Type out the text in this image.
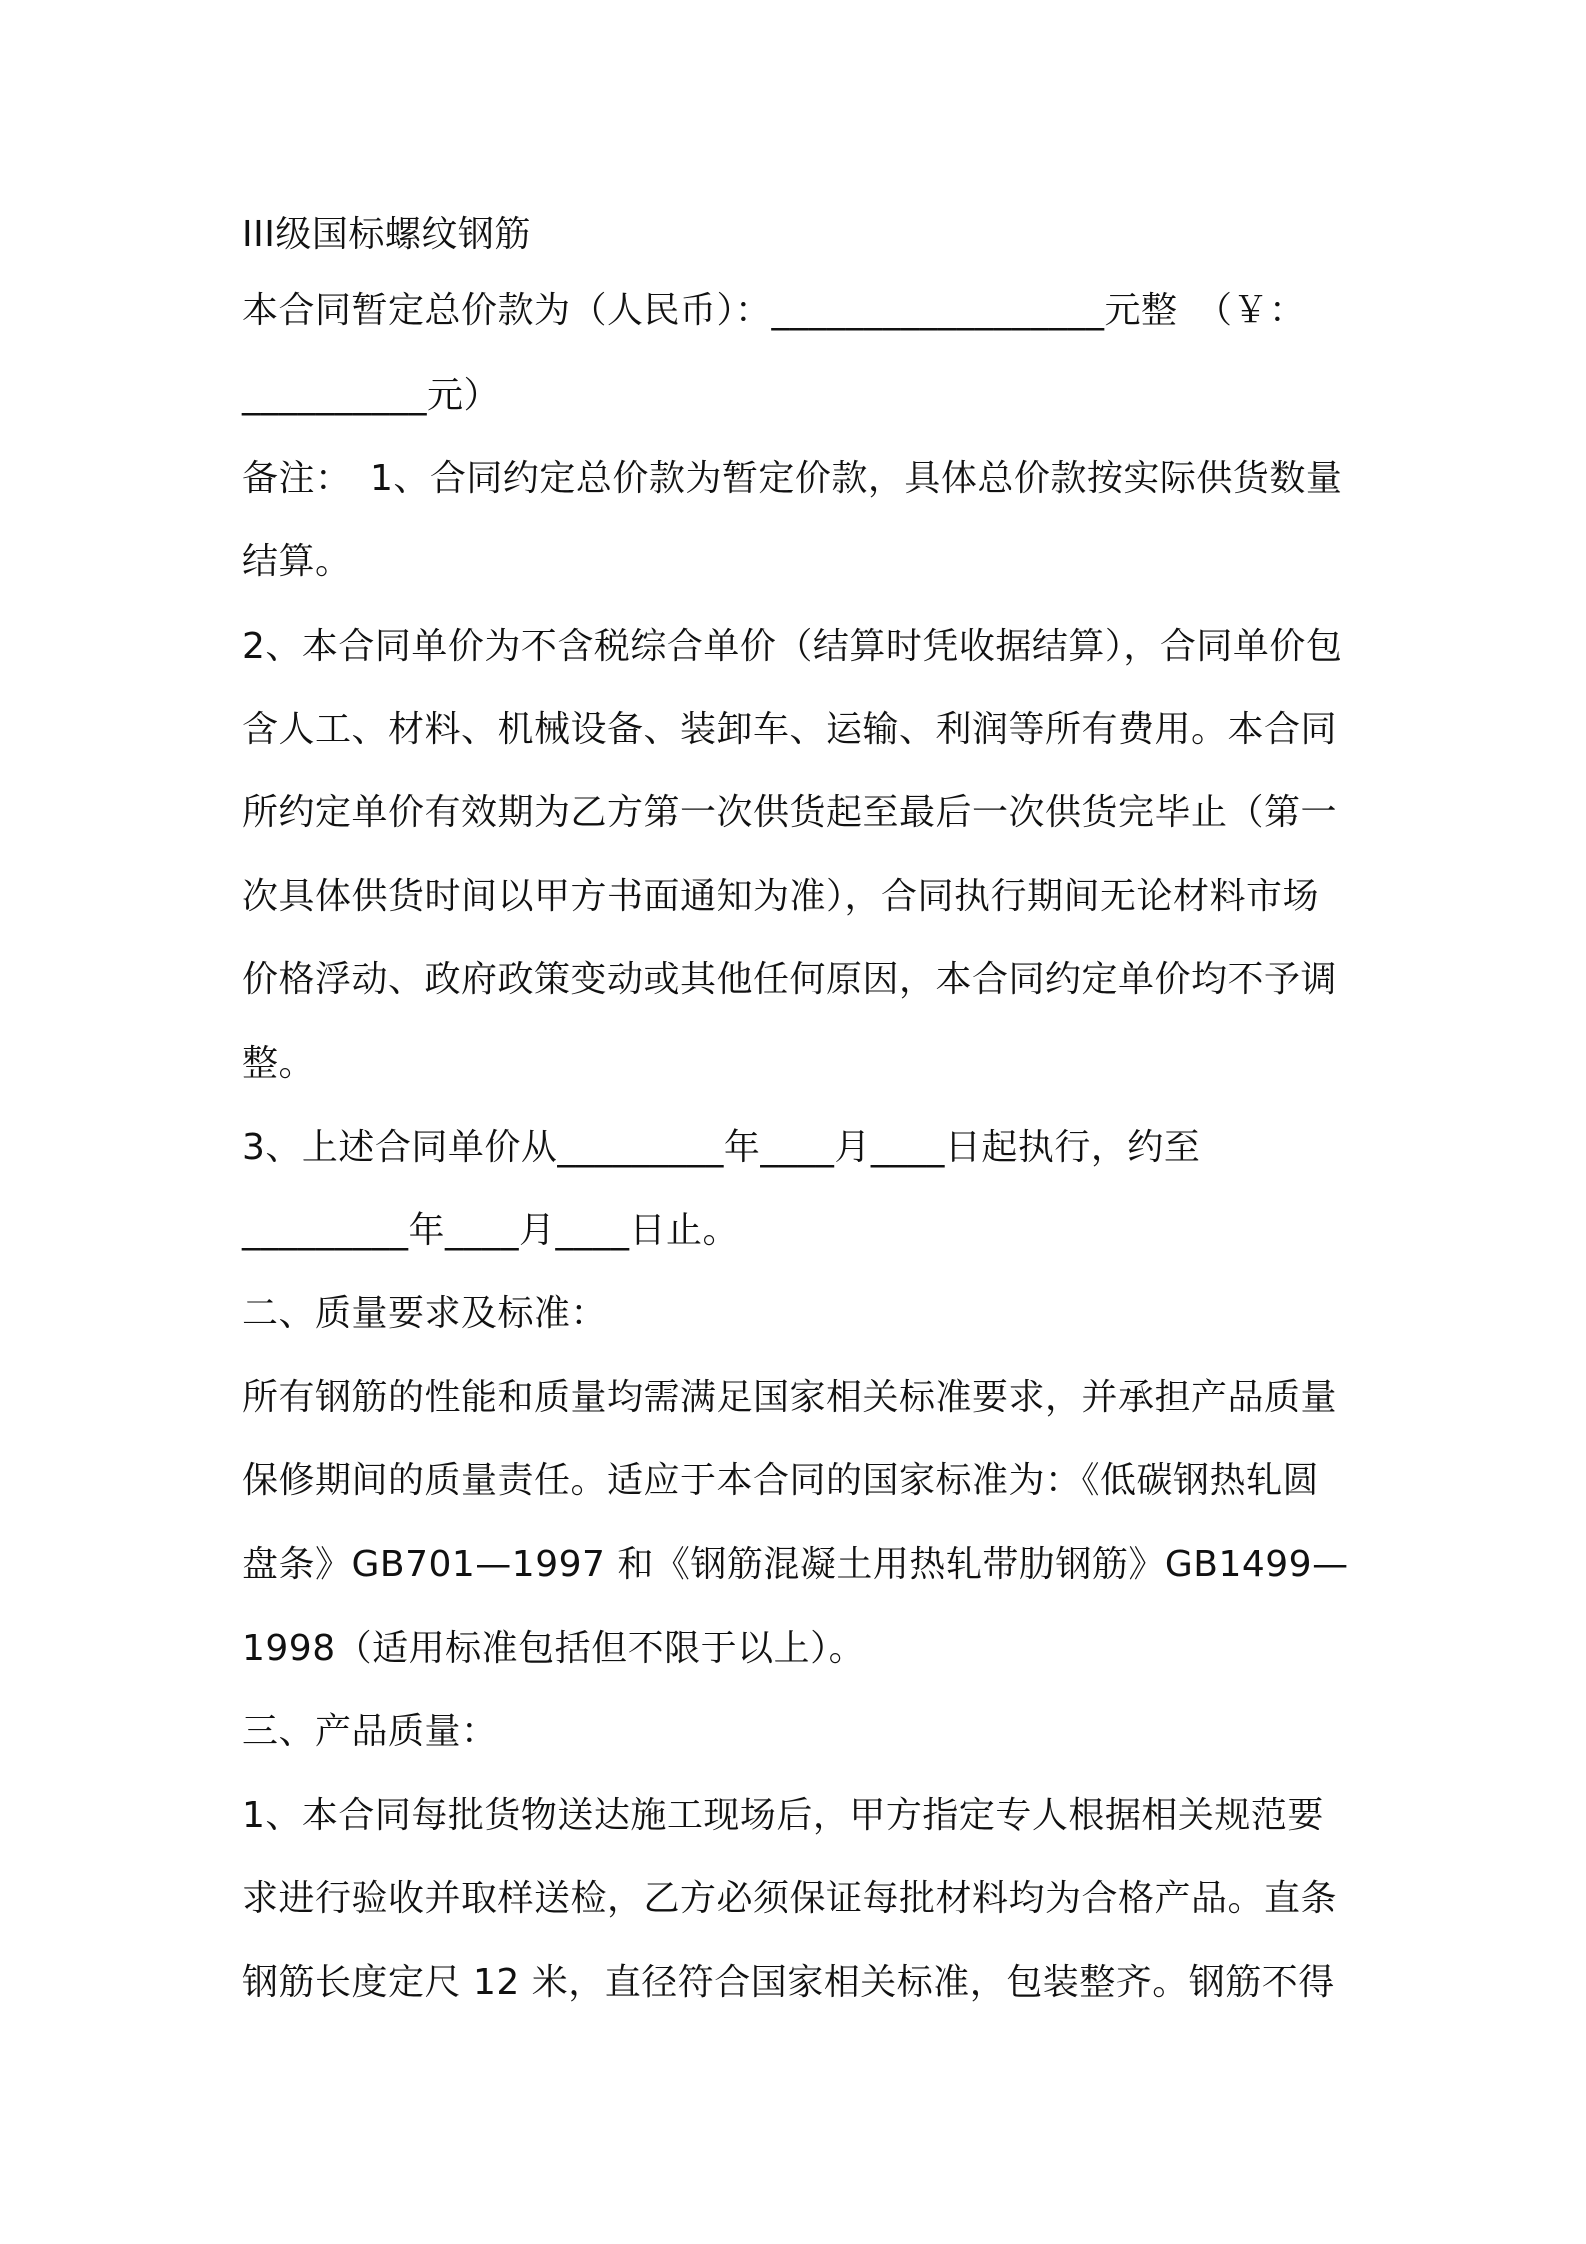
III级国标螺纹钢筋
本合同暂定总价款为（人民币）：__________________元整　（￥：
__________元）
备注：　1、合同约定总价款为暂定价款，具体总价款按实际供货数量
结算。
2、本合同单价为不含税综合单价（结算时凭收据结算），合同单价包
含人工、材料、机械设备、装卸车、运输、利润等所有费用。本合同
所约定单价有效期为乙方第一次供货起至最后一次供货完毕止（第一
次具体供货时间以甲方书面通知为准），合同执行期间无论材料市场
价格浮动、政府政策变动或其他任何原因，本合同约定单价均不予调
整。
3、上述合同单价从_________年____月____日起执行，约至
_________年____月____日止。
二、质量要求及标准：
所有钢筋的性能和质量均需满足国家相关标准要求，并承担产品质量
保修期间的质量责任。适应于本合同的国家标准为：《低碳钢热轧圆
盘条》GB701—1997 和《钢筋混凝土用热轧带肋钢筋》GB1499—
1998（适用标准包括但不限于以上）。
三、产品质量：
1、本合同每批货物送达施工现场后，甲方指定专人根据相关规范要
求进行验收并取样送检，乙方必须保证每批材料均为合格产品。直条
钢筋长度定尺 12 米，直径符合国家相关标准，包装整齐。钢筋不得
